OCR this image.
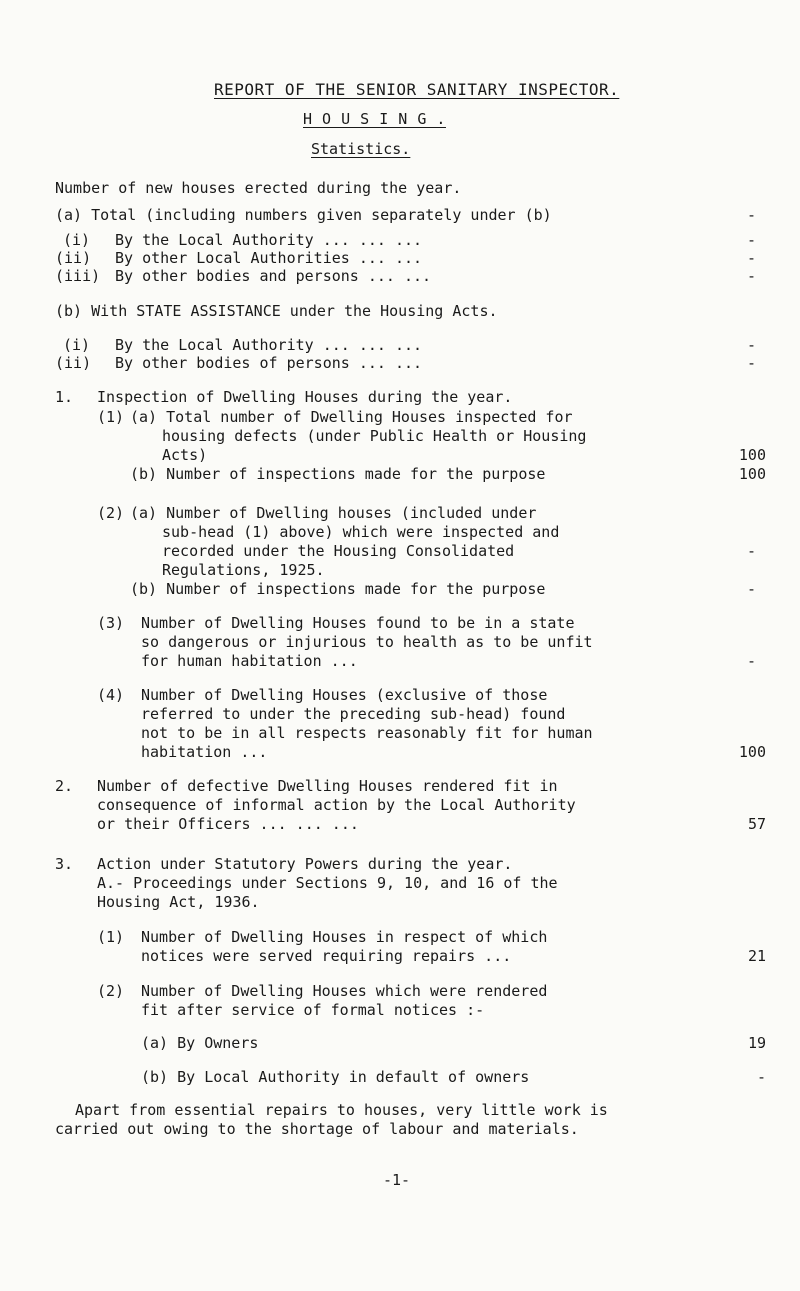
REPORT OF THE SENIOR SANITARY INSPECTOR.
H O U S I N G .
Statistics.
Number of new houses erected during the year.
(a) Total (including numbers given separately under (b)	-
(i) By the Local Authority ... ... ...	-
(ii) By other Local Authorities ... ...	-
(iii) By other bodies and persons ... ...	-
(b) With STATE ASSISTANCE under the Housing Acts.
(i) By the Local Authority ... ... ...	-
(ii) By other bodies of persons ... ...	-
1. Inspection of Dwelling Houses during the year.
(1) (a) Total number of Dwelling Houses inspected for
housing defects (under Public Health or Housing
Acts)	100
(b) Number of inspections made for the purpose	100
(2) (a) Number of Dwelling houses (included under
sub-head (1) above) which were inspected and
recorded under the Housing Consolidated	-
Regulations, 1925.
(b) Number of inspections made for the purpose	-
(3) Number of Dwelling Houses found to be in a state
so dangerous or injurious to health as to be unfit
for human habitation ...	-
(4) Number of Dwelling Houses (exclusive of those
referred to under the preceding sub-head) found
not to be in all respects reasonably fit for human
habitation ...	100
2. Number of defective Dwelling Houses rendered fit in
consequence of informal action by the Local Authority
or their Officers ... ... ...	57
3. Action under Statutory Powers during the year.
A.- Proceedings under Sections 9, 10, and 16 of the
Housing Act, 1936.
(1) Number of Dwelling Houses in respect of which
notices were served requiring repairs ...	21
(2) Number of Dwelling Houses which were rendered
fit after service of formal notices :-
(a) By Owners	19
(b) By Local Authority in default of owners	-
Apart from essential repairs to houses, very little work is
carried out owing to the shortage of labour and materials.
-1-
